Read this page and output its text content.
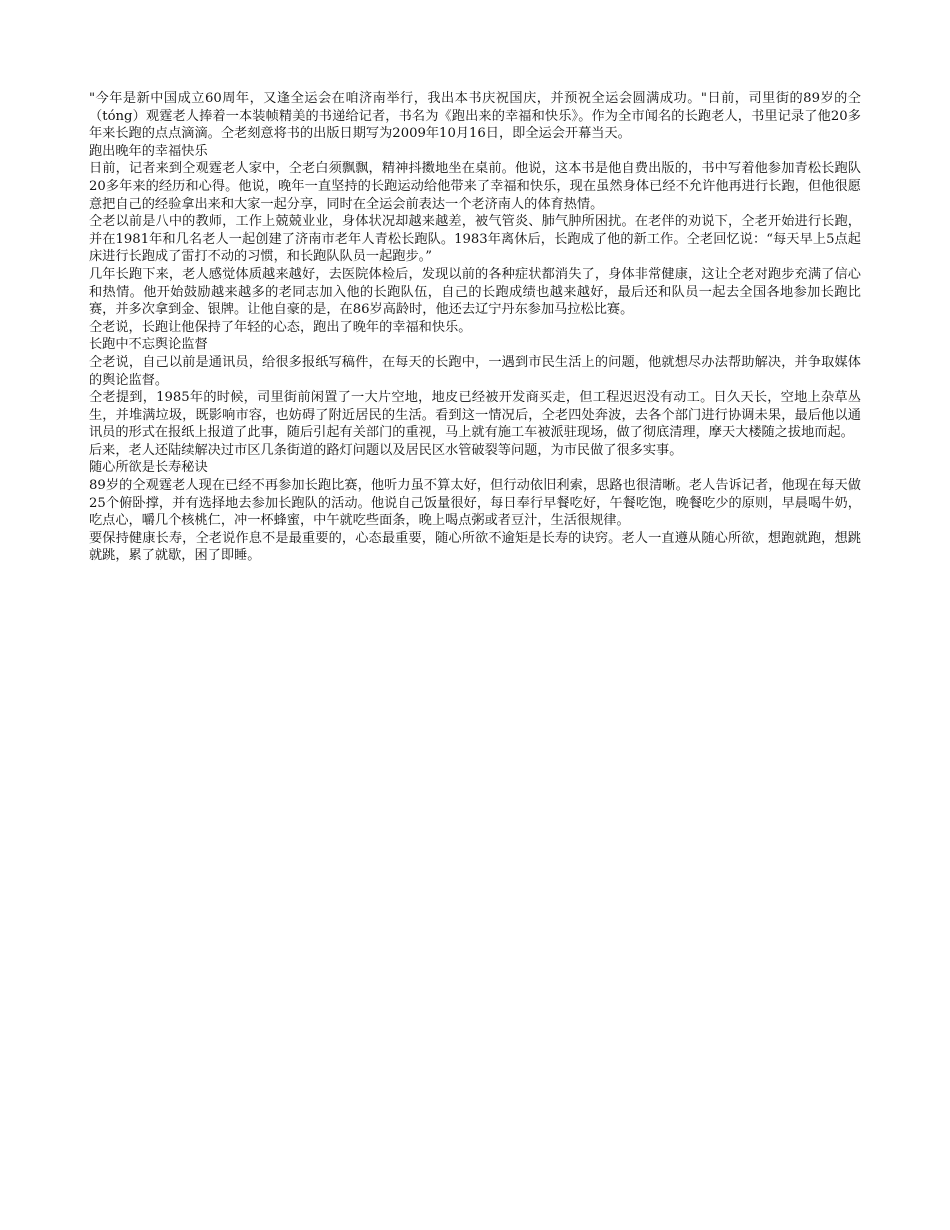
"今年是新中国成立60周年，又逢全运会在咱济南举行，我出本书庆祝国庆，并预祝全运会圆满成功。"日前，司里街的89岁的仝（tóng）观霆老人捧着一本装帧精美的书递给记者，书名为《跑出来的幸福和快乐》。作为全市闻名的长跑老人，书里记录了他20多年来长跑的点点滴滴。仝老刻意将书的出版日期写为2009年10月16日，即全运会开幕当天。

跑出晚年的幸福快乐

日前，记者来到仝观霆老人家中，仝老白须飘飘，精神抖擞地坐在桌前。他说，这本书是他自费出版的，书中写着他参加青松长跑队20多年来的经历和心得。他说，晚年一直坚持的长跑运动给他带来了幸福和快乐，现在虽然身体已经不允许他再进行长跑，但他很愿意把自己的经验拿出来和大家一起分享，同时在全运会前表达一个老济南人的体育热情。

仝老以前是八中的教师，工作上兢兢业业，身体状况却越来越差，被气管炎、肺气肿所困扰。在老伴的劝说下，仝老开始进行长跑，并在1981年和几名老人一起创建了济南市老年人青松长跑队。1983年离休后，长跑成了他的新工作。仝老回忆说：“每天早上5点起床进行长跑成了雷打不动的习惯，和长跑队队员一起跑步。”

几年长跑下来，老人感觉体质越来越好，去医院体检后，发现以前的各种症状都消失了，身体非常健康，这让仝老对跑步充满了信心和热情。他开始鼓励越来越多的老同志加入他的长跑队伍，自己的长跑成绩也越来越好，最后还和队员一起去全国各地参加长跑比赛，并多次拿到金、银牌。让他自豪的是，在86岁高龄时，他还去辽宁丹东参加马拉松比赛。

仝老说，长跑让他保持了年轻的心态，跑出了晚年的幸福和快乐。

长跑中不忘舆论监督

仝老说，自己以前是通讯员，给很多报纸写稿件，在每天的长跑中，一遇到市民生活上的问题，他就想尽办法帮助解决，并争取媒体的舆论监督。

仝老提到，1985年的时候，司里街前闲置了一大片空地，地皮已经被开发商买走，但工程迟迟没有动工。日久天长，空地上杂草丛生，并堆满垃圾，既影响市容，也妨碍了附近居民的生活。看到这一情况后，仝老四处奔波，去各个部门进行协调未果，最后他以通讯员的形式在报纸上报道了此事，随后引起有关部门的重视，马上就有施工车被派驻现场，做了彻底清理，摩天大楼随之拔地而起。

后来，老人还陆续解决过市区几条街道的路灯问题以及居民区水管破裂等问题，为市民做了很多实事。

随心所欲是长寿秘诀

89岁的仝观霆老人现在已经不再参加长跑比赛，他听力虽不算太好，但行动依旧利索，思路也很清晰。老人告诉记者，他现在每天做25个俯卧撑，并有选择地去参加长跑队的活动。他说自己饭量很好，每日奉行早餐吃好，午餐吃饱，晚餐吃少的原则，早晨喝牛奶，吃点心，嚼几个核桃仁，冲一杯蜂蜜，中午就吃些面条，晚上喝点粥或者豆汁，生活很规律。

要保持健康长寿，仝老说作息不是最重要的，心态最重要，随心所欲不逾矩是长寿的诀窍。老人一直遵从随心所欲，想跑就跑，想跳就跳，累了就歇，困了即睡。
